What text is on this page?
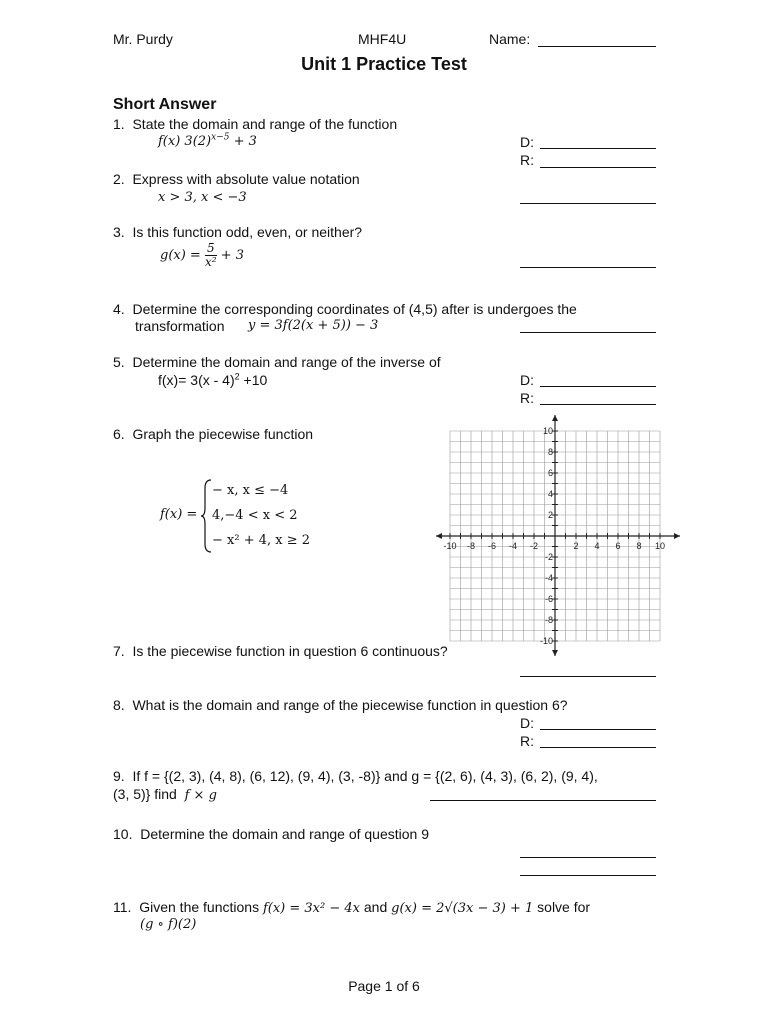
Mr. Purdy	MHF4U	Name:
Unit 1 Practice Test
Short Answer
1. State the domain and range of the function
f(x) $3(2)^{x-5} + 3$	D:
R:
2. Express with absolute value notation
x > 3, x < −3
3. Is this function odd, even, or neither?
$g(x) = \frac{5}{\text{x²}} + 3$
4. Determine the corresponding coordinates of (4,5) after is undergoes the
transformation y = 3f(2(x + 5)) − 3
5. Determine the domain and range of the inverse of
f(x)= 3(x - 4)$^2$ +10	D:
R:
6. Graph the piecewise function
f(x) =
− x, x ≤ −4
4,−4 < x < 2
− x² + 4, x ≥ 2
10
8
6
4
2
-2
-4
-6
-8
-10
-10 -8 -6 -4 -2	2 4 6 8 10
7. Is the piecewise function in question 6 continuous?
8. What is the domain and range of the piecewise function in question 6?
D:
R:
9. If f = {(2, 3), (4, 8), (6, 12), (9, 4), (3, -8)} and g = {(2, 6), (4, 3), (6, 2), (9, 4),
(3, 5)} find f × g
10. Determine the domain and range of question 9
11. Given the functions f(x) = 3x² − 4x and g(x) = 2√(3x − 3) + 1 solve for
(g ∘ f)(2)
Page 1 of 6
